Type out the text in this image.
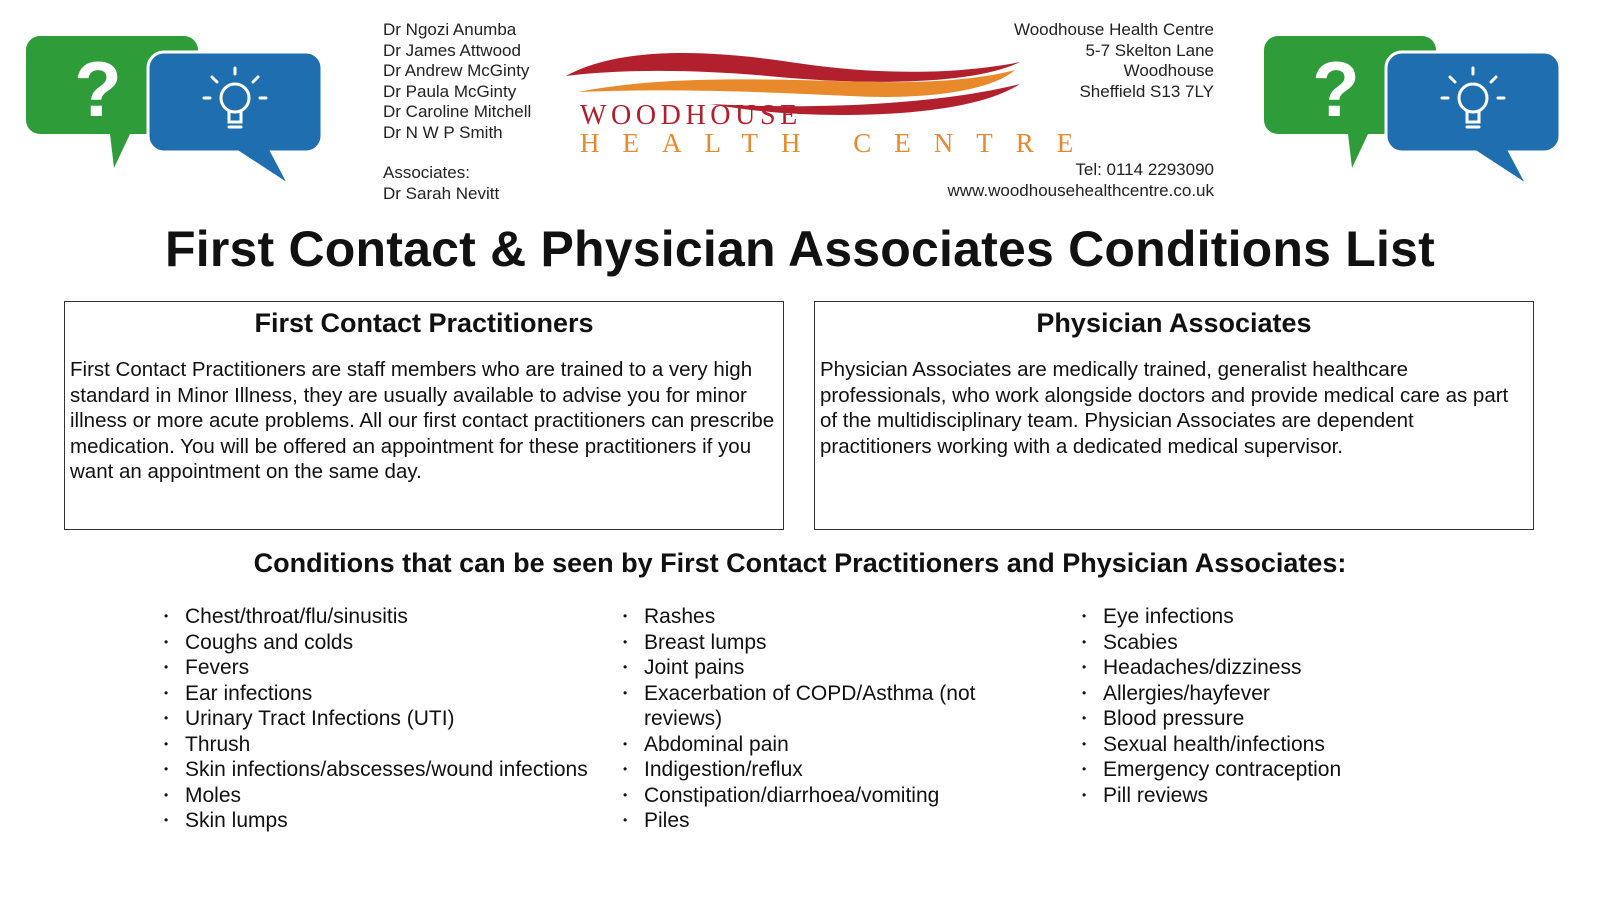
?
Dr Ngozi Anumba
Dr James Attwood
Dr Andrew McGinty
Dr Paula McGinty
Dr Caroline Mitchell
Dr N W P Smith
Associates:
Dr Sarah Nevitt
WOODHOUSE
HEALTH CENTRE
Woodhouse Health Centre
5-7 Skelton Lane
Woodhouse
Sheffield S13 7LY
Tel: 0114 2293090
www.woodhousehealthcentre.co.uk
?
First Contact & Physician Associates Conditions List
First Contact Practitioners

First Contact Practitioners are staff members who are trained to a very high standard in Minor Illness, they are usually available to advise you for minor illness or more acute problems. All our first contact practitioners can prescribe medication. You will be offered an appointment for these practitioners if you want an appointment on the same day.

Physician Associates

Physician Associates are medically trained, generalist healthcare professionals, who work alongside doctors and provide medical care as part of the multidisciplinary team. Physician Associates are dependent practitioners working with a dedicated medical supervisor.

Conditions that can be seen by First Contact Practitioners and Physician Associates:
• Chest/throat/flu/sinusitis
• Coughs and colds
• Fevers
• Ear infections
• Urinary Tract Infections (UTI)
• Thrush
• Skin infections/abscesses/wound infections
• Moles
• Skin lumps
• Rashes
• Breast lumps
• Joint pains
• Exacerbation of COPD/Asthma (not reviews)
• Abdominal pain
• Indigestion/reflux
• Constipation/diarrhoea/vomiting
• Piles
• Eye infections
• Scabies
• Headaches/dizziness
• Allergies/hayfever
• Blood pressure
• Sexual health/infections
• Emergency contraception
• Pill reviews
